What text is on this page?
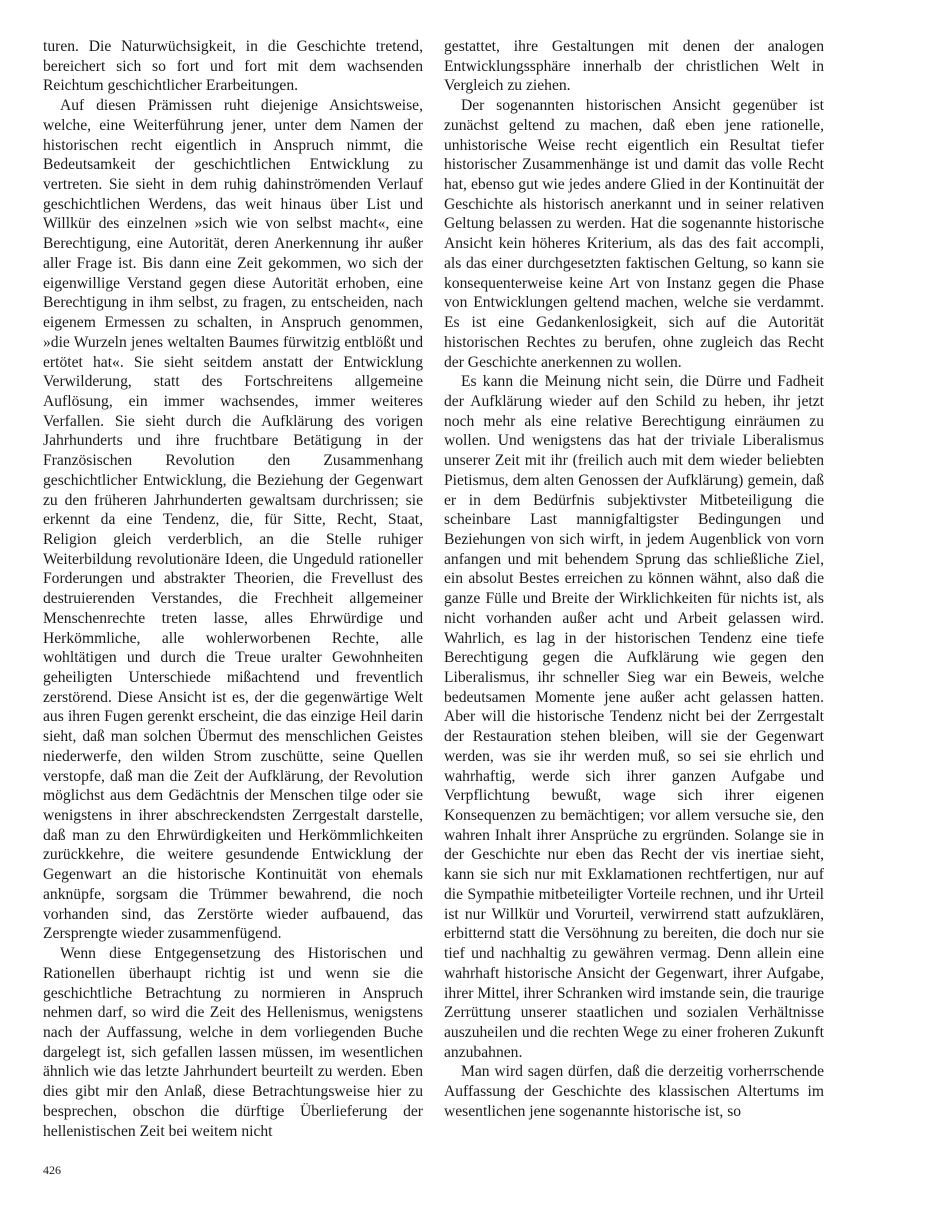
turen. Die Naturwüchsigkeit, in die Geschichte tretend, bereichert sich so fort und fort mit dem wachsenden Reichtum geschichtlicher Erarbeitungen.

Auf diesen Prämissen ruht diejenige Ansichtsweise, welche, eine Weiterführung jener, unter dem Namen der historischen recht eigentlich in Anspruch nimmt, die Bedeutsamkeit der geschichtlichen Entwicklung zu vertreten. Sie sieht in dem ruhig dahinströmenden Verlauf geschichtlichen Werdens, das weit hinaus über List und Willkür des einzelnen »sich wie von selbst macht«, eine Berechtigung, eine Autorität, deren Anerkennung ihr außer aller Frage ist. Bis dann eine Zeit gekommen, wo sich der eigenwillige Verstand gegen diese Autorität erhoben, eine Berechtigung in ihm selbst, zu fragen, zu entscheiden, nach eigenem Ermessen zu schalten, in Anspruch genommen, »die Wurzeln jenes weltalten Baumes fürwitzig entblößt und ertötet hat«. Sie sieht seitdem anstatt der Entwicklung Verwilderung, statt des Fortschreitens allgemeine Auflösung, ein immer wachsendes, immer weiteres Verfallen. Sie sieht durch die Aufklärung des vorigen Jahrhunderts und ihre fruchtbare Betätigung in der Französischen Revolution den Zusammenhang geschichtlicher Entwicklung, die Beziehung der Gegenwart zu den früheren Jahrhunderten gewaltsam durchrissen; sie erkennt da eine Tendenz, die, für Sitte, Recht, Staat, Religion gleich verderblich, an die Stelle ruhiger Weiterbildung revolutionäre Ideen, die Ungeduld rationeller Forderungen und abstrakter Theorien, die Frevellust des destruierenden Verstandes, die Frechheit allgemeiner Menschenrechte treten lasse, alles Ehrwürdige und Herkömmliche, alle wohlerworbenen Rechte, alle wohltätigen und durch die Treue uralter Gewohnheiten geheiligten Unterschiede mißachtend und freventlich zerstörend. Diese Ansicht ist es, der die gegenwärtige Welt aus ihren Fugen gerenkt erscheint, die das einzige Heil darin sieht, daß man solchen Übermut des menschlichen Geistes niederwerfe, den wilden Strom zuschütte, seine Quellen verstopfe, daß man die Zeit der Aufklärung, der Revolution möglichst aus dem Gedächtnis der Menschen tilge oder sie wenigstens in ihrer abschreckendsten Zerrgestalt darstelle, daß man zu den Ehrwürdigkeiten und Herkömmlichkeiten zurückkehre, die weitere gesundende Entwicklung der Gegenwart an die historische Kontinuität von ehemals anknüpfe, sorgsam die Trümmer bewahrend, die noch vorhanden sind, das Zerstörte wieder aufbauend, das Zersprengte wieder zusammenfügend.

Wenn diese Entgegensetzung des Historischen und Rationellen überhaupt richtig ist und wenn sie die geschichtliche Betrachtung zu normieren in Anspruch nehmen darf, so wird die Zeit des Hellenismus, wenigstens nach der Auffassung, welche in dem vorliegenden Buche dargelegt ist, sich gefallen lassen müssen, im wesentlichen ähnlich wie das letzte Jahrhundert beurteilt zu werden. Eben dies gibt mir den Anlaß, diese Betrachtungsweise hier zu besprechen, obschon die dürftige Überlieferung der hellenistischen Zeit bei weitem nicht

gestattet, ihre Gestaltungen mit denen der analogen Entwicklungssphäre innerhalb der christlichen Welt in Vergleich zu ziehen.

Der sogenannten historischen Ansicht gegenüber ist zunächst geltend zu machen, daß eben jene rationelle, unhistorische Weise recht eigentlich ein Resultat tiefer historischer Zusammenhänge ist und damit das volle Recht hat, ebenso gut wie jedes andere Glied in der Kontinuität der Geschichte als historisch anerkannt und in seiner relativen Geltung belassen zu werden. Hat die sogenannte historische Ansicht kein höheres Kriterium, als das des fait accompli, als das einer durchgesetzten faktischen Geltung, so kann sie konsequenterweise keine Art von Instanz gegen die Phase von Entwicklungen geltend machen, welche sie verdammt. Es ist eine Gedankenlosigkeit, sich auf die Autorität historischen Rechtes zu berufen, ohne zugleich das Recht der Geschichte anerkennen zu wollen.

Es kann die Meinung nicht sein, die Dürre und Fadheit der Aufklärung wieder auf den Schild zu heben, ihr jetzt noch mehr als eine relative Berechtigung einräumen zu wollen. Und wenigstens das hat der triviale Liberalismus unserer Zeit mit ihr (freilich auch mit dem wieder beliebten Pietismus, dem alten Genossen der Aufklärung) gemein, daß er in dem Bedürfnis subjektivster Mitbeteiligung die scheinbare Last mannigfaltigster Bedingungen und Beziehungen von sich wirft, in jedem Augenblick von vorn anfangen und mit behendem Sprung das schließliche Ziel, ein absolut Bestes erreichen zu können wähnt, also daß die ganze Fülle und Breite der Wirklichkeiten für nichts ist, als nicht vorhanden außer acht und Arbeit gelassen wird. Wahrlich, es lag in der historischen Tendenz eine tiefe Berechtigung gegen die Aufklärung wie gegen den Liberalismus, ihr schneller Sieg war ein Beweis, welche bedeutsamen Momente jene außer acht gelassen hatten. Aber will die historische Tendenz nicht bei der Zerrgestalt der Restauration stehen bleiben, will sie der Gegenwart werden, was sie ihr werden muß, so sei sie ehrlich und wahrhaftig, werde sich ihrer ganzen Aufgabe und Verpflichtung bewußt, wage sich ihrer eigenen Konsequenzen zu bemächtigen; vor allem versuche sie, den wahren Inhalt ihrer Ansprüche zu ergründen. Solange sie in der Geschichte nur eben das Recht der vis inertiae sieht, kann sie sich nur mit Exklamationen rechtfertigen, nur auf die Sympathie mitbeteiligter Vorteile rechnen, und ihr Urteil ist nur Willkür und Vorurteil, verwirrend statt aufzuklären, erbitternd statt die Versöhnung zu bereiten, die doch nur sie tief und nachhaltig zu gewähren vermag. Denn allein eine wahrhaft historische Ansicht der Gegenwart, ihrer Aufgabe, ihrer Mittel, ihrer Schranken wird imstande sein, die traurige Zerrüttung unserer staatlichen und sozialen Verhältnisse auszuheilen und die rechten Wege zu einer froheren Zukunft anzubahnen.

Man wird sagen dürfen, daß die derzeitig vorherrschende Auffassung der Geschichte des klassischen Altertums im wesentlichen jene sogenannte historische ist, so

426
